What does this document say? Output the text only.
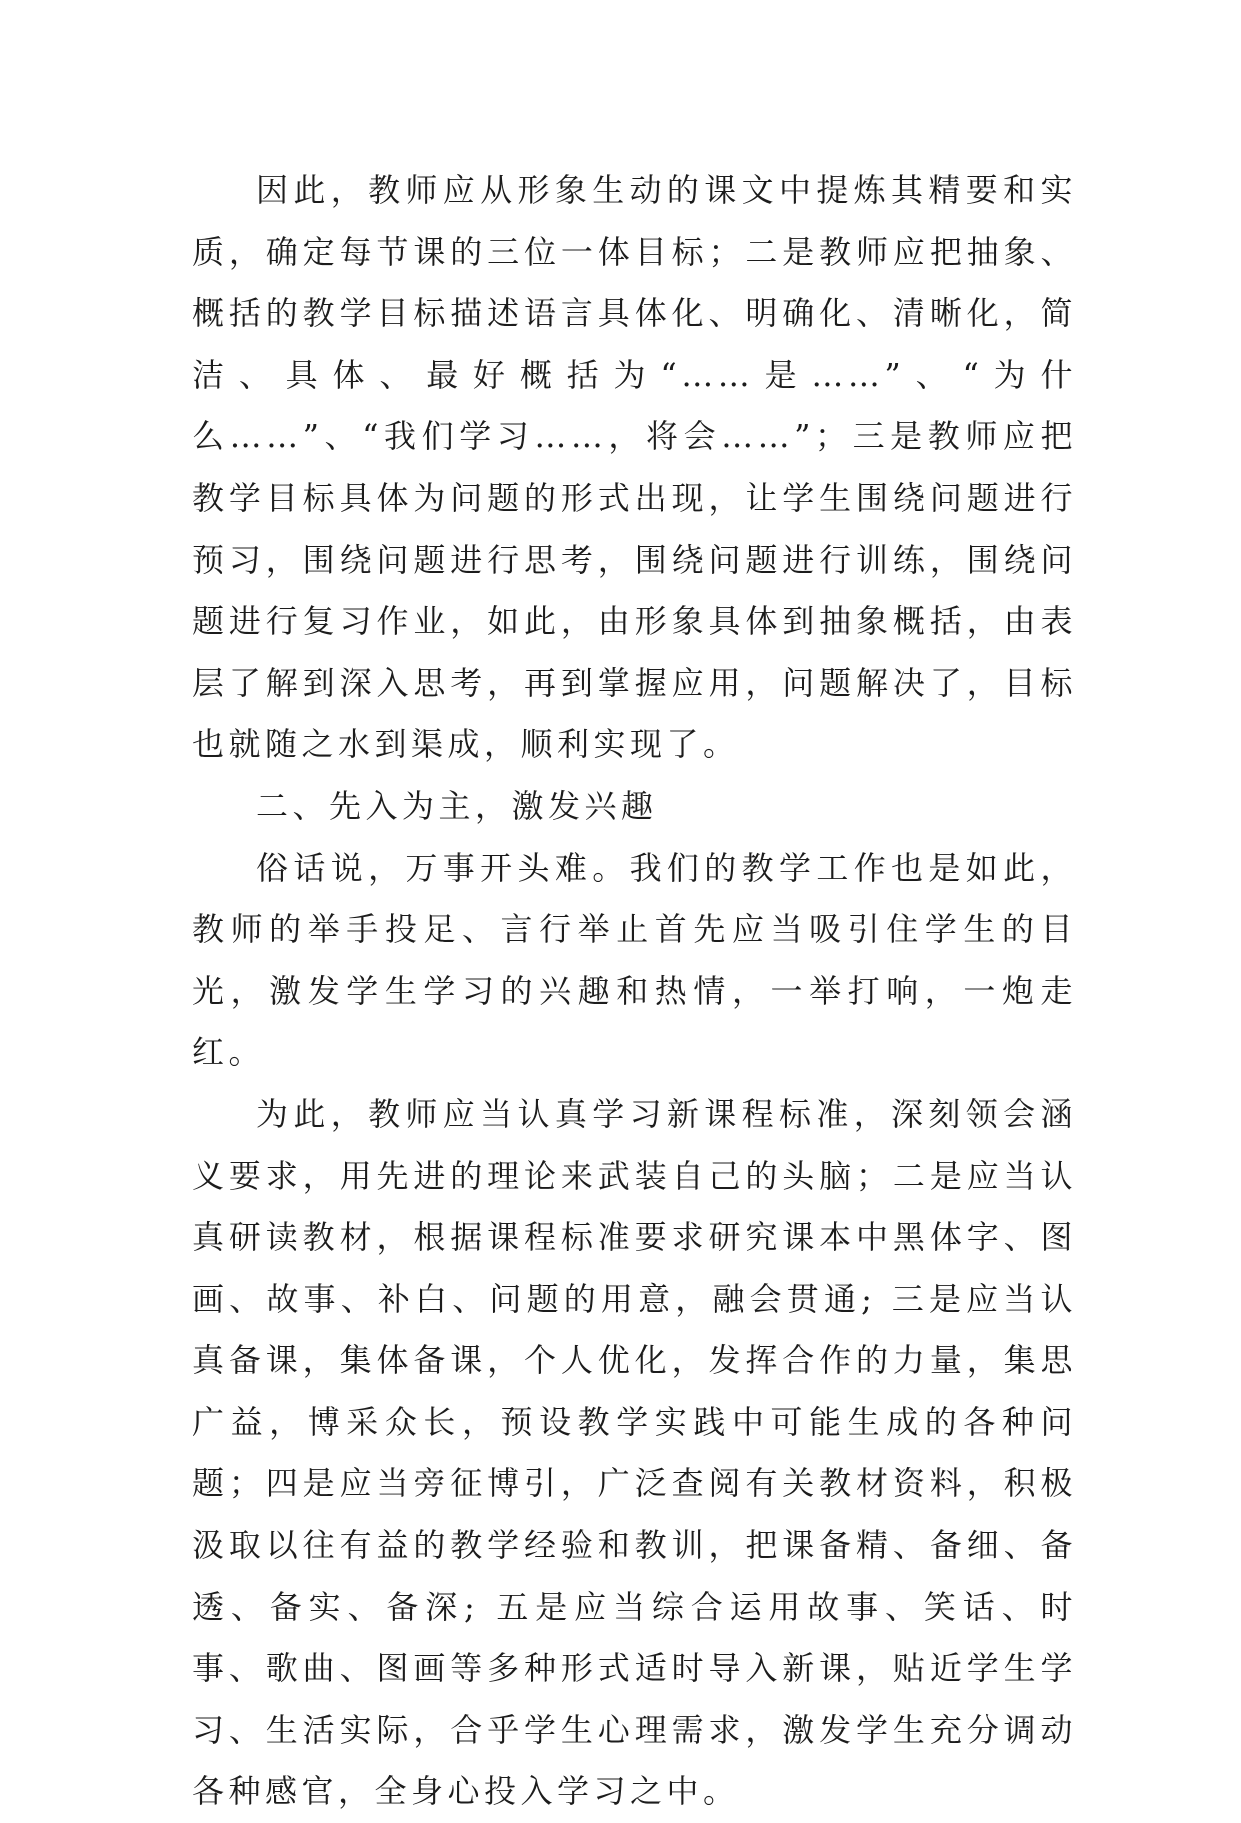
因此，教师应从形象生动的课文中提炼其精要和实质，确定每节课的三位一体目标；二是教师应把抽象、概括的教学目标描述语言具体化、明确化、清晰化，简洁、具体、最好概括为“……是……”、“为什么……”、“我们学习……，将会……”；三是教师应把教学目标具体为问题的形式出现，让学生围绕问题进行预习，围绕问题进行思考，围绕问题进行训练，围绕问题进行复习作业，如此，由形象具体到抽象概括，由表层了解到深入思考，再到掌握应用，问题解决了，目标也就随之水到渠成，顺利实现了。

二、先入为主，激发兴趣

俗话说，万事开头难。我们的教学工作也是如此，教师的举手投足、言行举止首先应当吸引住学生的目光，激发学生学习的兴趣和热情，一举打响，一炮走红。

为此，教师应当认真学习新课程标准，深刻领会涵义要求，用先进的理论来武装自己的头脑；二是应当认真研读教材，根据课程标准要求研究课本中黑体字、图画、故事、补白、问题的用意，融会贯通; 三是应当认真备课，集体备课，个人优化，发挥合作的力量，集思广益，博采众长，预设教学实践中可能生成的各种问题；四是应当旁征博引，广泛查阅有关教材资料，积极汲取以往有益的教学经验和教训，把课备精、备细、备透、备实、备深; 五是应当综合运用故事、笑话、时事、歌曲、图画等多种形式适时导入新课，贴近学生学习、生活实际，合乎学生心理需求，激发学生充分调动各种感官，全身心投入学习之中。
